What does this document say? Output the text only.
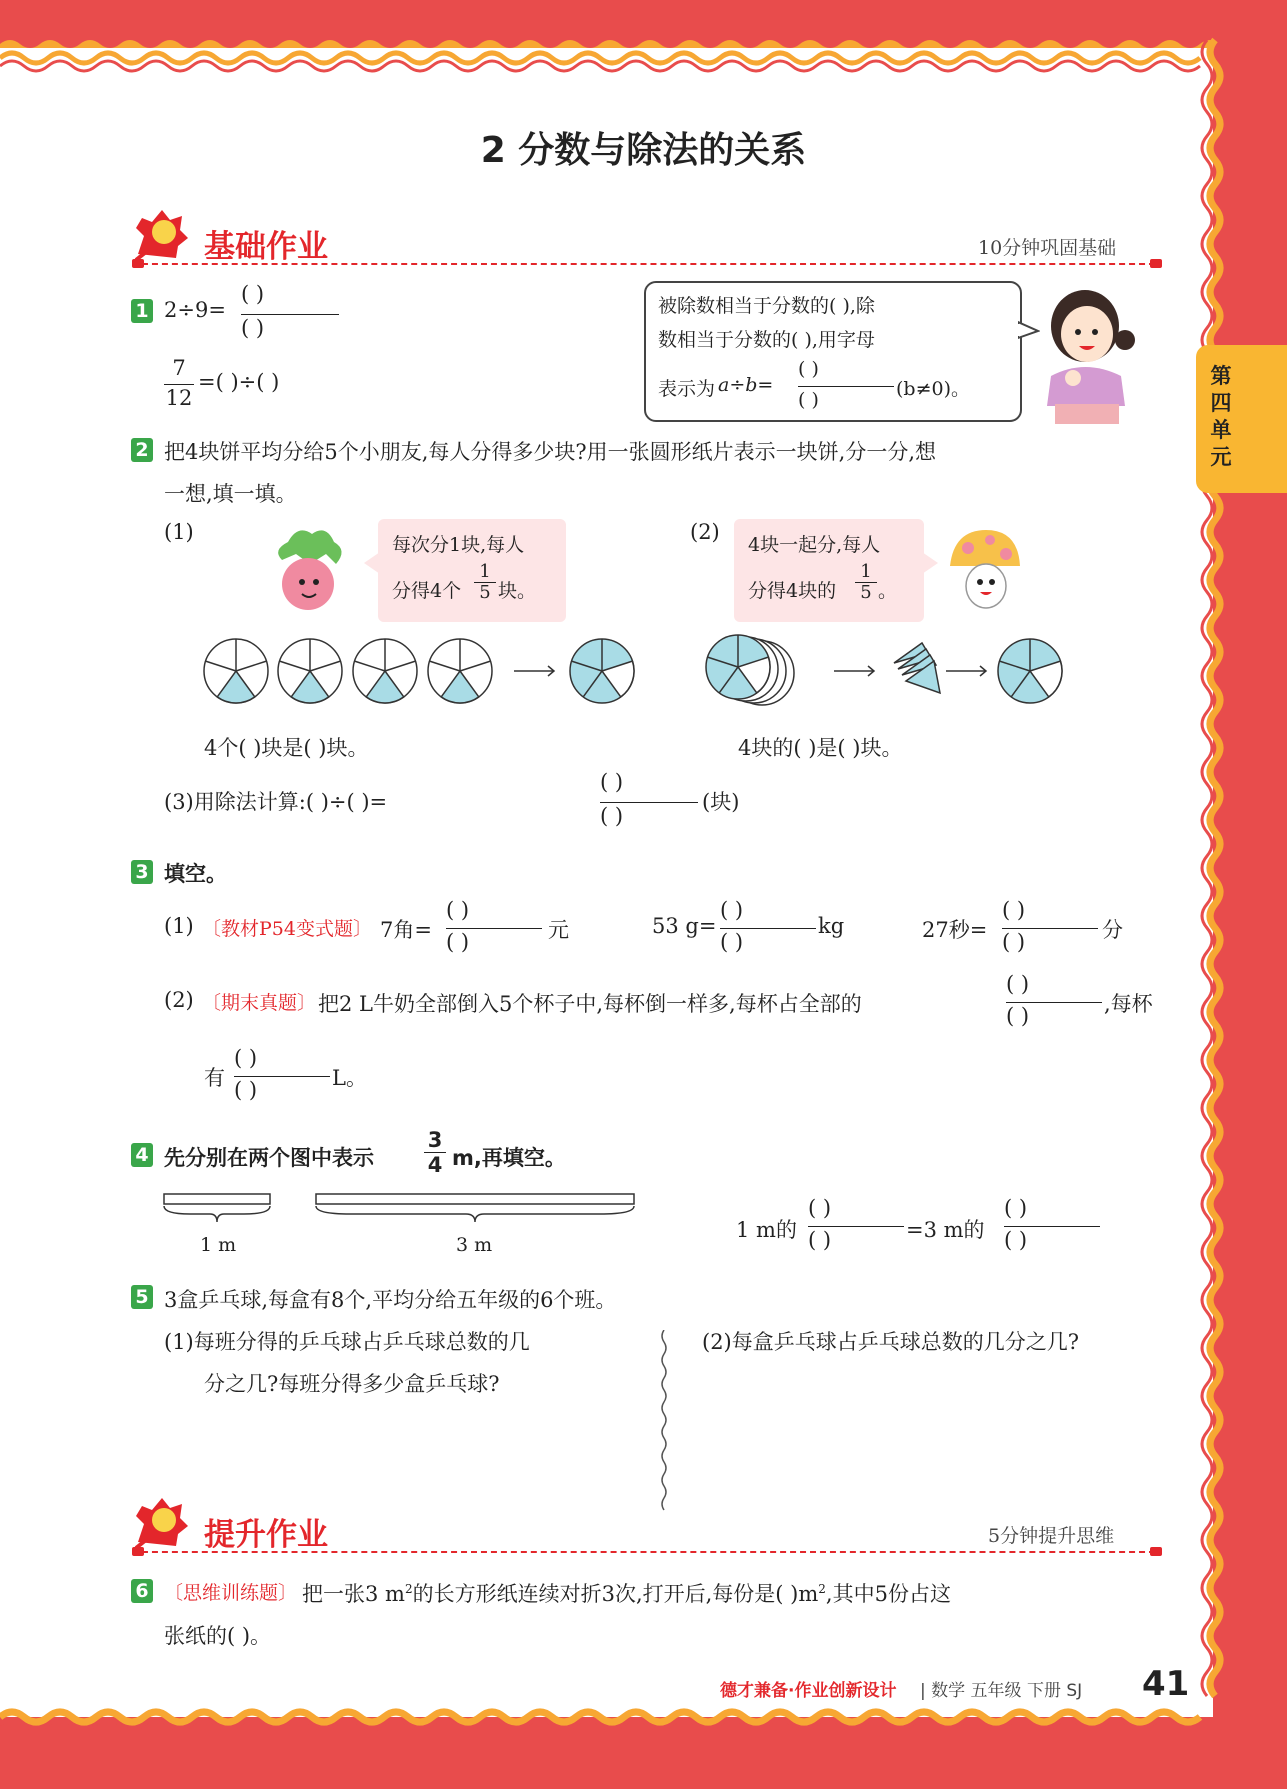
第四单元
2 分数与除法的关系
基础作业	10分钟巩固基础
1 2÷9=
( )
( )
7
12
=( )÷( )
被除数相当于分数的( ),除
数相当于分数的( ),用字母
表示为 a÷b=
( )
( )	(b≠0)。
2 把4块饼平均分给5个小朋友,每人分得多少块?用一张圆形纸片表示一块饼,分一分,想
一想,填一填。
(1)
每次分1块,每人
分得4个
1
5 块。
(2)
4块一起分,每人
分得4块的
1
5 。
4个( )块是( )块。	4块的( )是( )块。
(3)用除法计算:( )÷( )=
( )
( )
(块)
3 填空。
(1) 〔教材P54变式题〕 7角=
( )
( )	元	53 g=
( )
( )
kg	27秒=
( )
( )	分
(2) 〔期末真题〕 把2 L牛奶全部倒入5个杯子中,每杯倒一样多,每杯占全部的
( )
( )	,每杯
有
( )
( )	L。
4 先分别在两个图中表示
3
4 m,再填空。
1 m	3 m
1 m的
( )
( )	=3 m的
( )
( )
5 3盒乒乓球,每盒有8个,平均分给五年级的6个班。
(1)每班分得的乒乓球占乒乓球总数的几
分之几?每班分得多少盒乒乓球?
(2)每盒乒乓球占乒乓球总数的几分之几?
提升作业	5分钟提升思维
6 〔思维训练题〕 把一张3 $m^2$的长方形纸连续对折3次,打开后,每份是( )$m^2$,其中5份占这
张纸的( )。
德才兼备·作业创新设计 | 数学 五年级 下册 SJ 41
